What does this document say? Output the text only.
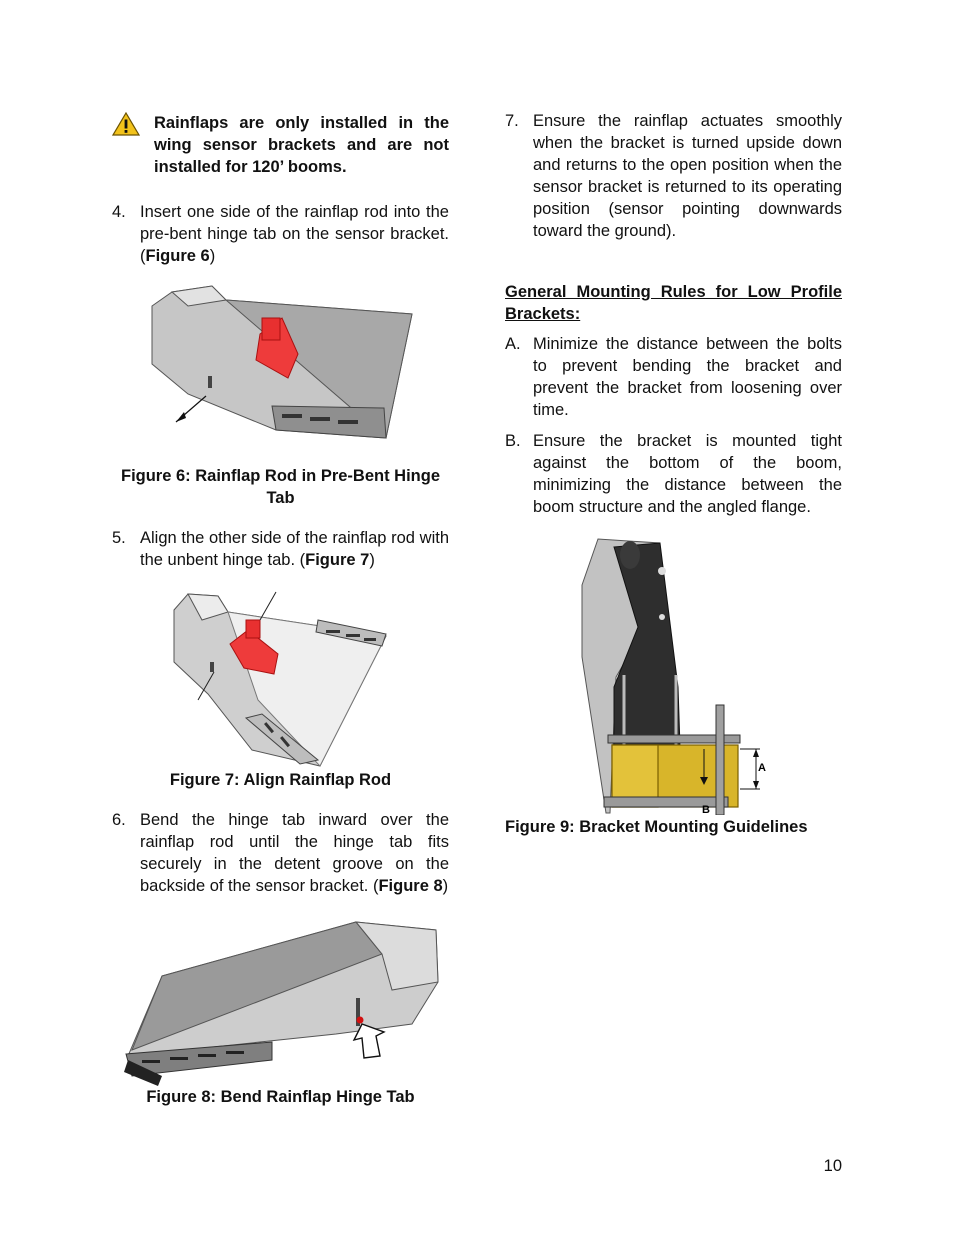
Rainflaps are only installed in the wing sensor brackets and are not installed for 120’ booms.
4. Insert one side of the rainflap rod into the pre-bent hinge tab on the sensor bracket. (Figure 6)
Figure 6: Rainflap Rod in Pre-Bent Hinge Tab
5. Align the other side of the rainflap rod with the unbent hinge tab. (Figure 7)
Figure 7: Align Rainflap Rod
6. Bend the hinge tab inward over the rainflap rod until the hinge tab fits securely in the detent groove on the backside of the sensor bracket. (Figure 8)
Figure 8: Bend Rainflap Hinge Tab
7. Ensure the rainflap actuates smoothly when the bracket is turned upside down and returns to the open position when the sensor bracket is returned to its operating position (sensor pointing downwards toward the ground).
General Mounting Rules for Low Profile Brackets:
A. Minimize the distance between the bolts to prevent bending the bracket and prevent the bracket from loosening over time.
B. Ensure the bracket is mounted tight against the bottom of the boom, minimizing the distance between the boom structure and the angled flange.
A
B
Figure 9: Bracket Mounting Guidelines
10
